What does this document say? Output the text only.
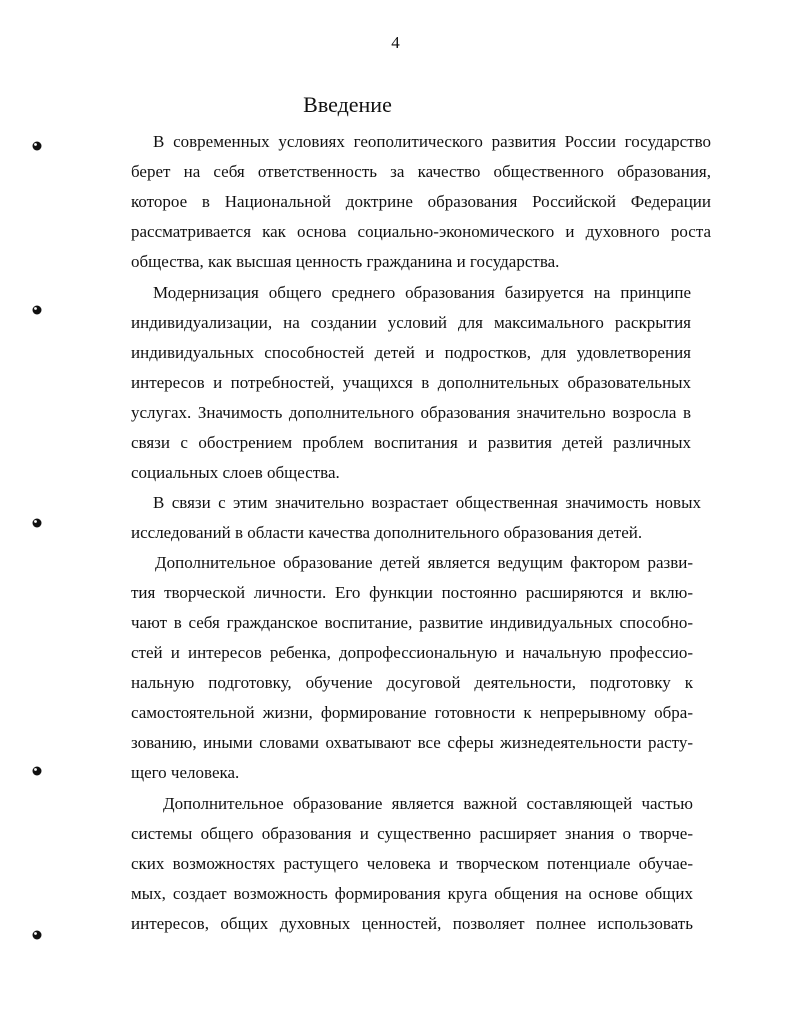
4
Введение
В современных условиях геополитического развития России государство
берет на себя ответственность за качество общественного образования,
которое в Национальной доктрине образования Российской Федерации
рассматривается как основа социально-экономического и духовного роста
общества, как высшая ценность гражданина и государства.
Модернизация общего среднего образования базируется на принципе
индивидуализации, на создании условий для максимального раскрытия
индивидуальных способностей детей и подростков, для удовлетворения
интересов и потребностей, учащихся в дополнительных образовательных
услугах. Значимость дополнительного образования значительно возросла в
связи с обострением проблем воспитания и развития детей различных
социальных слоев общества.
В связи с этим значительно возрастает общественная значимость новых
исследований в области качества дополнительного образования детей.
Дополнительное образование детей является ведущим фактором разви-
тия творческой личности. Его функции постоянно расширяются и вклю-
чают в себя гражданское воспитание, развитие индивидуальных способно-
стей и интересов ребенка, допрофессиональную и начальную профессио-
нальную подготовку, обучение досуговой деятельности, подготовку к
самостоятельной жизни, формирование готовности к непрерывному обра-
зованию, иными словами охватывают все сферы жизнедеятельности расту-
щего человека.
Дополнительное образование является важной составляющей частью
системы общего образования и существенно расширяет знания о творче-
ских возможностях растущего человека и творческом потенциале обучае-
мых, создает возможность формирования круга общения на основе общих
интересов, общих духовных ценностей, позволяет полнее использовать
